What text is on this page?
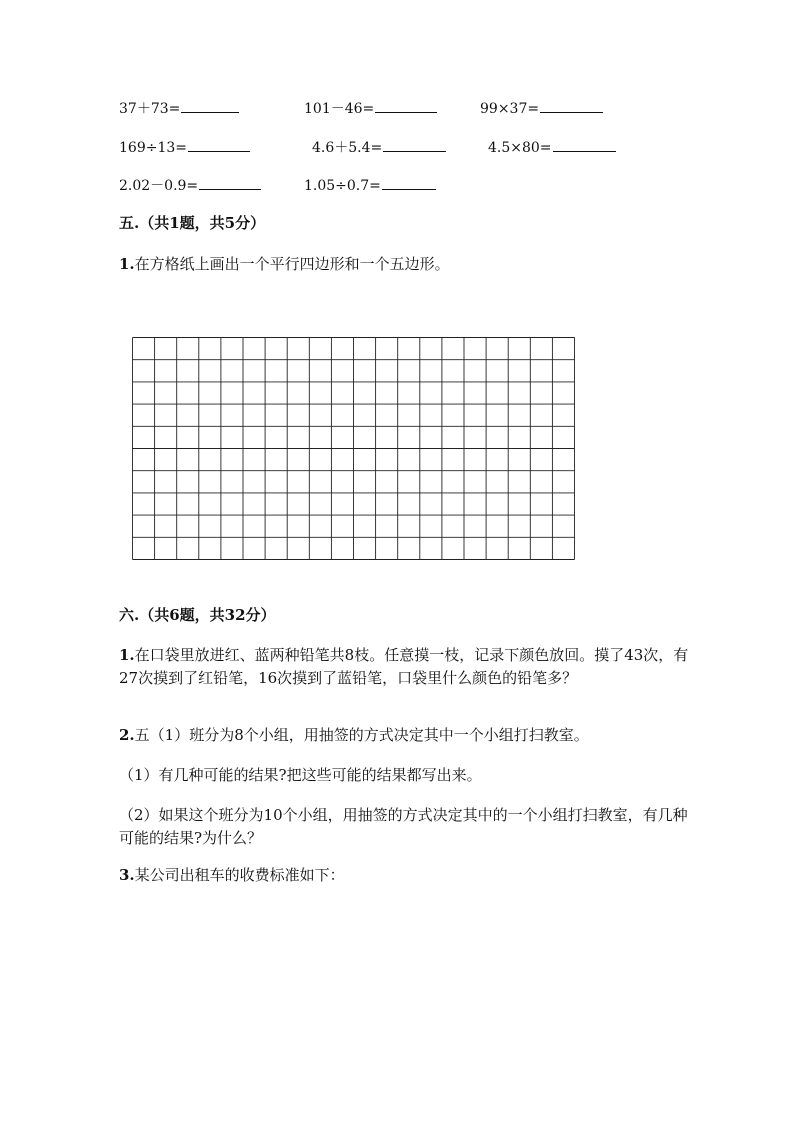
37＋73=	101－46=	99×37=
169÷13=	4.6＋5.4=	4.5×80=
2.02－0.9=	1.05÷0.7=
五.（共1题，共5分）
1.在方格纸上画出一个平行四边形和一个五边形。
六.（共6题，共32分）
1.在口袋里放进红、蓝两种铅笔共8枝。任意摸一枝，记录下颜色放回。摸了43次，有27次摸到了红铅笔，16次摸到了蓝铅笔，口袋里什么颜色的铅笔多？
2.五（1）班分为8个小组，用抽签的方式决定其中一个小组打扫教室。
（1）有几种可能的结果?把这些可能的结果都写出来。
（2）如果这个班分为10个小组，用抽签的方式决定其中的一个小组打扫教室，有几种可能的结果?为什么？
3.某公司出租车的收费标准如下：
